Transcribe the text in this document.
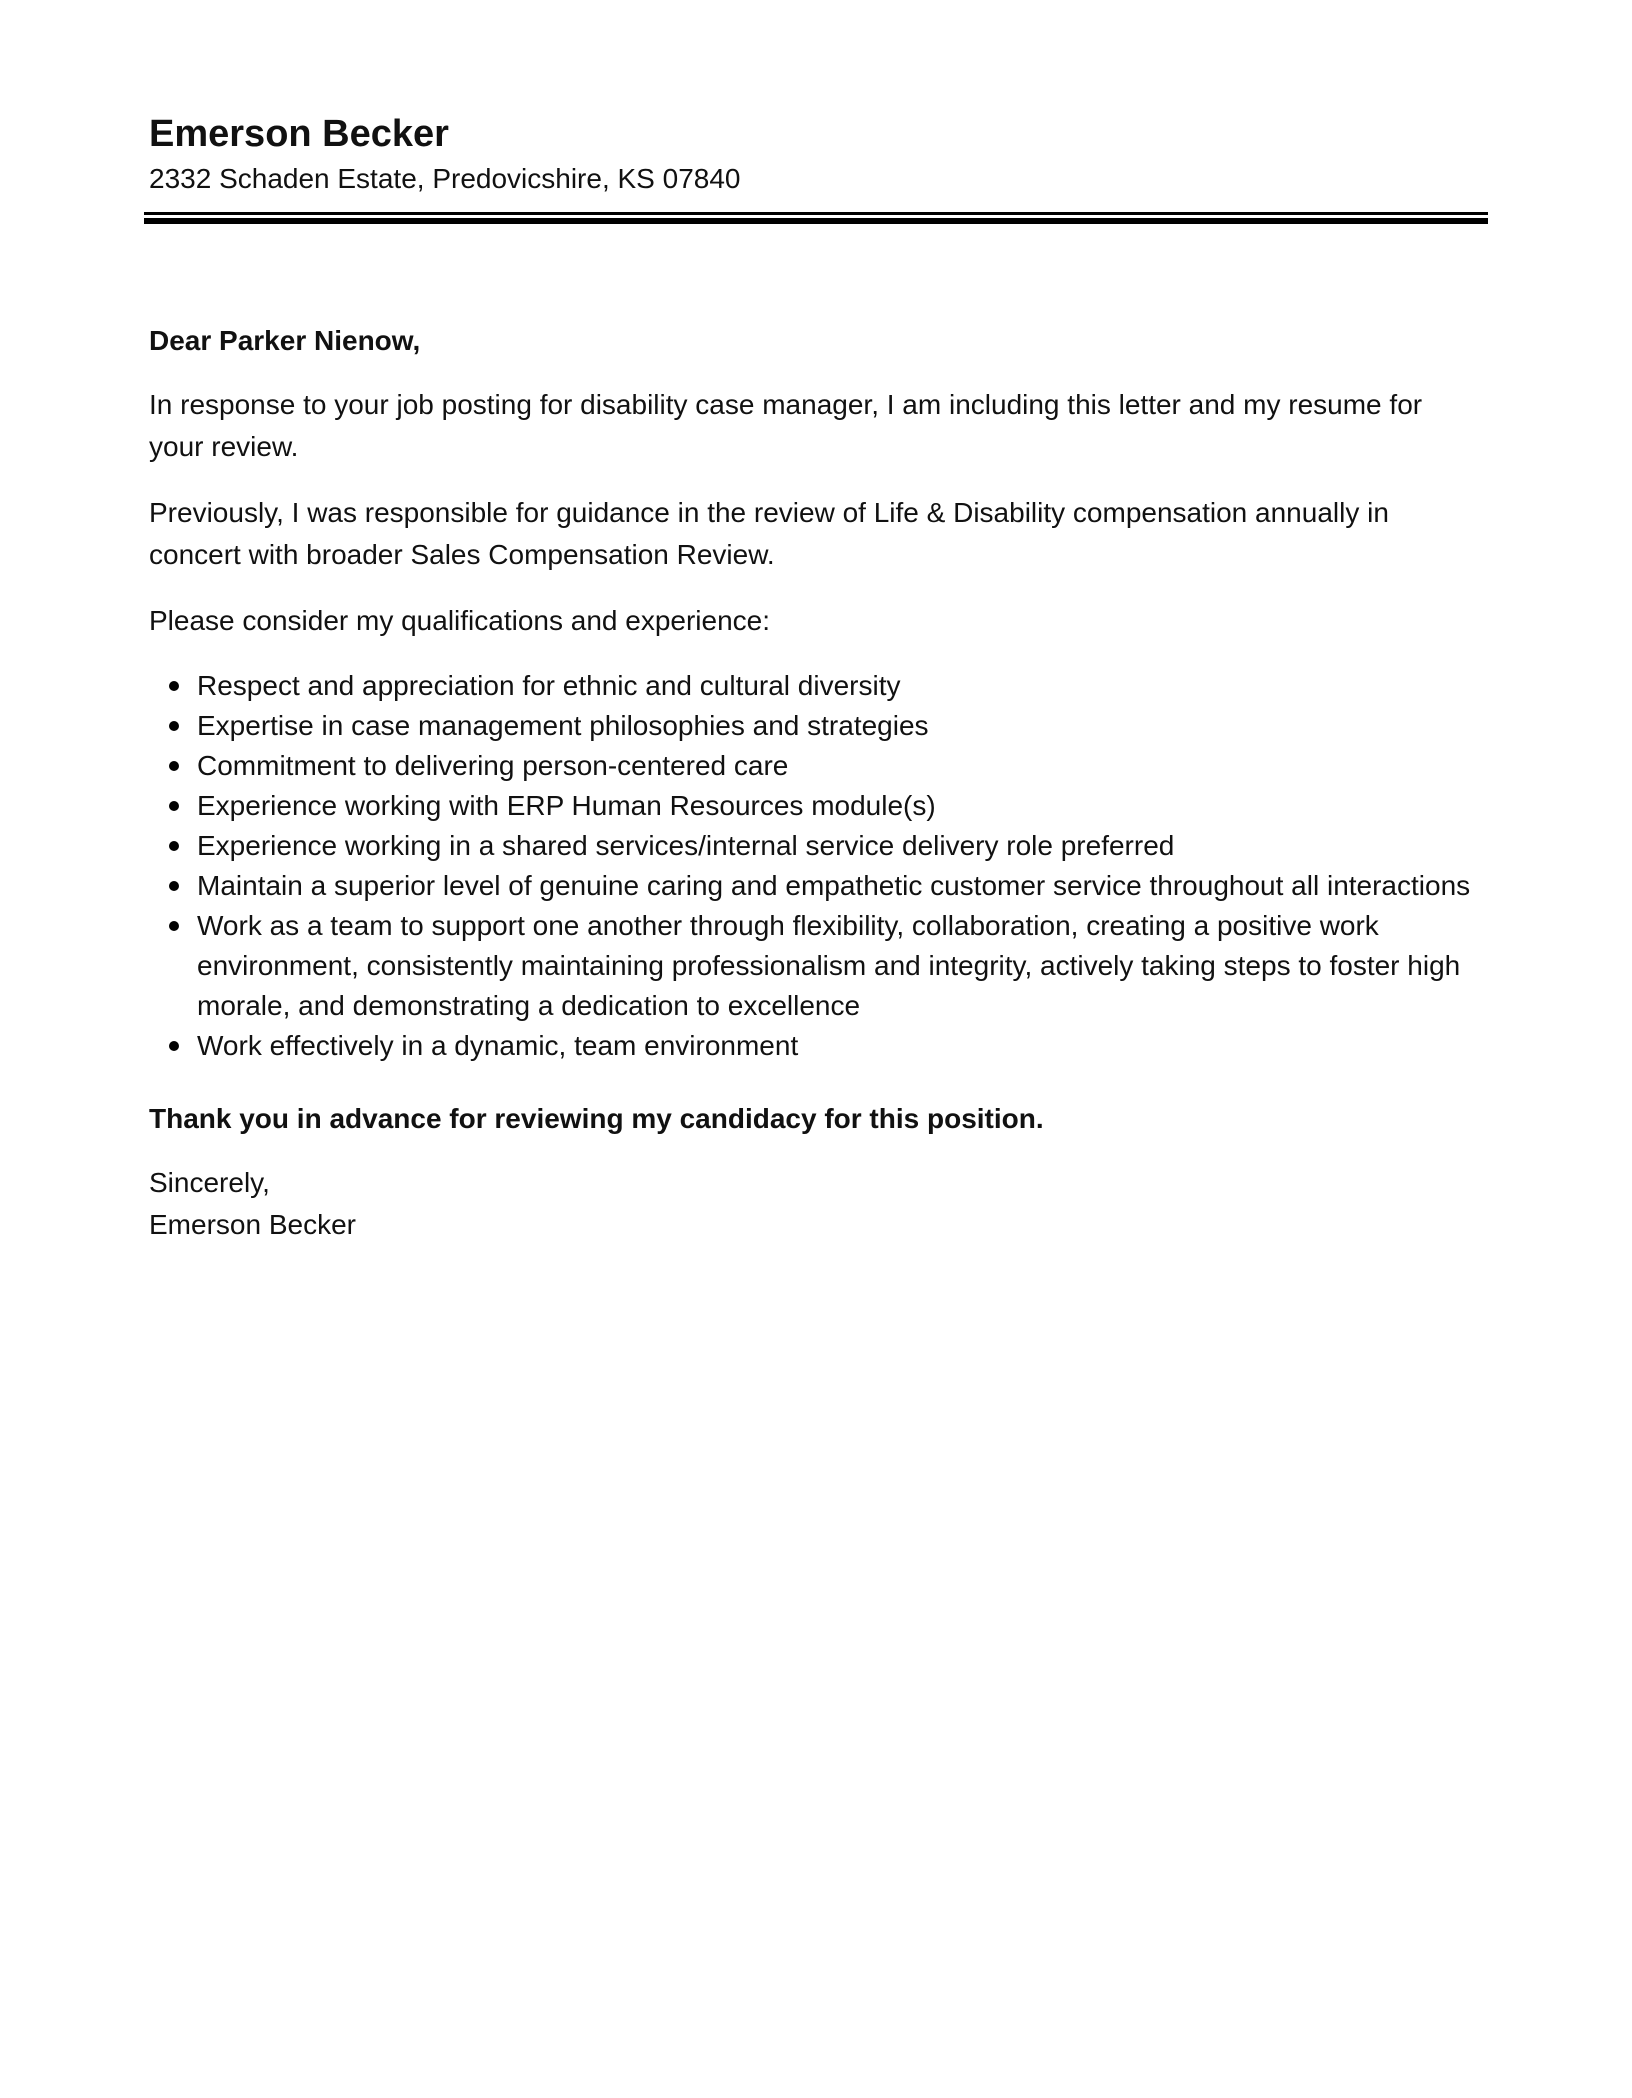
Emerson Becker
2332 Schaden Estate, Predovicshire, KS 07840

Dear Parker Nienow,

In response to your job posting for disability case manager, I am including this letter and my resume for your review.

Previously, I was responsible for guidance in the review of Life & Disability compensation annually in concert with broader Sales Compensation Review.

Please consider my qualifications and experience:

Respect and appreciation for ethnic and cultural diversity
Expertise in case management philosophies and strategies
Commitment to delivering person-centered care
Experience working with ERP Human Resources module(s)
Experience working in a shared services/internal service delivery role preferred
Maintain a superior level of genuine caring and empathetic customer service throughout all interactions
Work as a team to support one another through flexibility, collaboration, creating a positive work environment, consistently maintaining professionalism and integrity, actively taking steps to foster high morale, and demonstrating a dedication to excellence
Work effectively in a dynamic, team environment

Thank you in advance for reviewing my candidacy for this position.

Sincerely,
Emerson Becker
